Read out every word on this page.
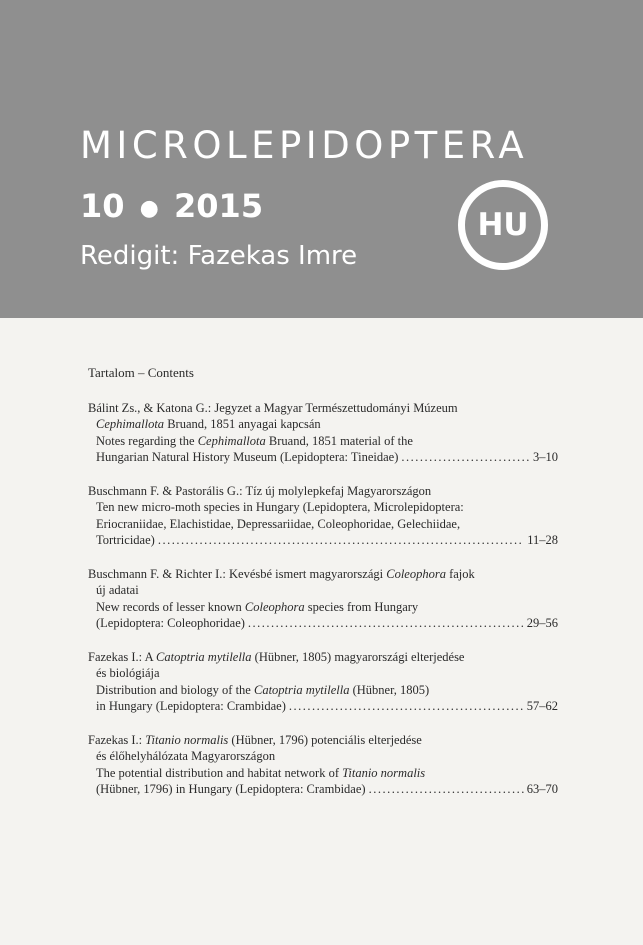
MICROLEPIDOPTERA
10 ● 2015
Redigit: Fazekas Imre
HU
Tartalom – Contents
Bálint Zs., & Katona G.: Jegyzet a Magyar Természettudományi Múzeum
Cephimallota Bruand, 1851 anyagai kapcsán
Notes regarding the Cephimallota Bruand, 1851 material of the
Hungarian Natural History Museum (Lepidoptera: Tineidae) .....	3–10
Buschmann F. & Pastorális G.: Tíz új molylepkefaj Magyarországon
Ten new micro-moth species in Hungary (Lepidoptera, Microlepidoptera:
Eriocraniidae, Elachistidae, Depressariidae, Coleophoridae, Gelechiidae,
Tortricidae) .....	11–28
Buschmann F. & Richter I.: Kevésbé ismert magyarországi Coleophora fajok
új adatai
New records of lesser known Coleophora species from Hungary
(Lepidoptera: Coleophoridae) .....	29–56
Fazekas I.: A Catoptria mytilella (Hübner, 1805) magyarországi elterjedése
és biológiája
Distribution and biology of the Catoptria mytilella (Hübner, 1805)
in Hungary (Lepidoptera: Crambidae) .....	57–62
Fazekas I.: Titanio normalis (Hübner, 1796) potenciális elterjedése
és élőhelyhálózata Magyarországon
The potential distribution and habitat network of Titanio normalis
(Hübner, 1796) in Hungary (Lepidoptera: Crambidae) .....	63–70
